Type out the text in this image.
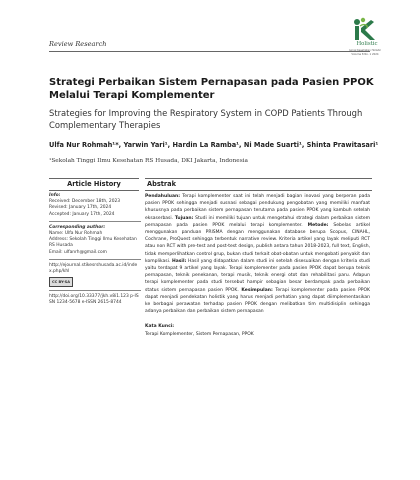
Review Research	Holistic
Jurnal Kesehatan Holistic
Volume 8 No. 1 2024
Strategi Perbaikan Sistem Pernapasan pada Pasien PPOK Melalui Terapi Komplementer
Strategies for Improving the Respiratory System in COPD Patients Through Complementary Therapies
Ulfa Nur Rohmah¹*, Yarwin Yari¹, Hardin La Ramba¹, Ni Made Suarti¹, Shinta Prawitasari¹
¹Sekolah Tinggi Ilmu Kesehatan RS Husada, DKI Jakarta, Indonesia
Article History	Abstrak
Info:
Received: December 18th, 2023
Revised: January 17th, 2024
Accepted: January 17th, 2024
Corresponding author:
Name: Ulfa Nur Rohmah
Address: Sekolah Tinggi Ilmu Kesehatan RS Husada
Email: ulfanrh@gmail.com
http://ejournal.stikesrshusada.ac.id/index.php/khl
CC BY-SA
http://doi.org/10.33377/jkh.v8i1.123 p-ISSN 1234-5678 e-ISSN 2615-8744
Pendahuluan: Terapi komplementer saat ini telah menjadi bagian inovasi yang berperan pada pasien PPOK sehingga menjadi susnasi sebagai pendukung pengobatan yang memiliki manfaat khususnya pada perbaikan sistem pernapasan terutama pada pasien PPOK yang kambuh setelah eksaserbasi. Tujuan: Studi ini memiliki tujuan untuk mengetahui strategi dalam perbaikan sistem pernapasan pada pasien PPOK melalui terapi komplementer. Metode: Sebelas artikel menggunakan panduan PRISMA dengan menggunakan database berupa Scopus, CINAHL, Cochrane, ProQuest sehingga terbentuk narrative review. Kriteria artikel yang layak meliputi RCT atau non RCT with pre-test and post-test design, publish antara tahun 2018-2023, full text, English, tidak memperlihatkan control grup, bukan studi terkait obat-obatan untuk mengobati penyakit dan komplikasi. Hasil: Hasil yang didapatkan dalam studi ini setelah disesuaikan dengan kriteria studi yaitu terdapat 9 artikel yang layak. Terapi komplementer pada pasien PPOK dapat berupa teknik pernapasan, teknik penekanan, terapi musik, teknik energi otot dan rehabilitasi paru. Adapun terapi komplementer pada studi tersebut hampir sebagian besar berdampak pada perbaikan status sistem pernapasan pasien PPOK. Kesimpulan: Terapi komplementer pada pasien PPOK dapat menjadi pendekatan holistik yang harus menjadi perhatian yang dapat diimplementasikan ke berbagai perawatan terhadap pasien PPOK dengan melibatkan tim multidisiplin sehingga adanya perbaikan dan perbaikan sistem pernapasan
Kata Kunci:
Terapi Komplementer, Sistem Pernapasan, PPOK
